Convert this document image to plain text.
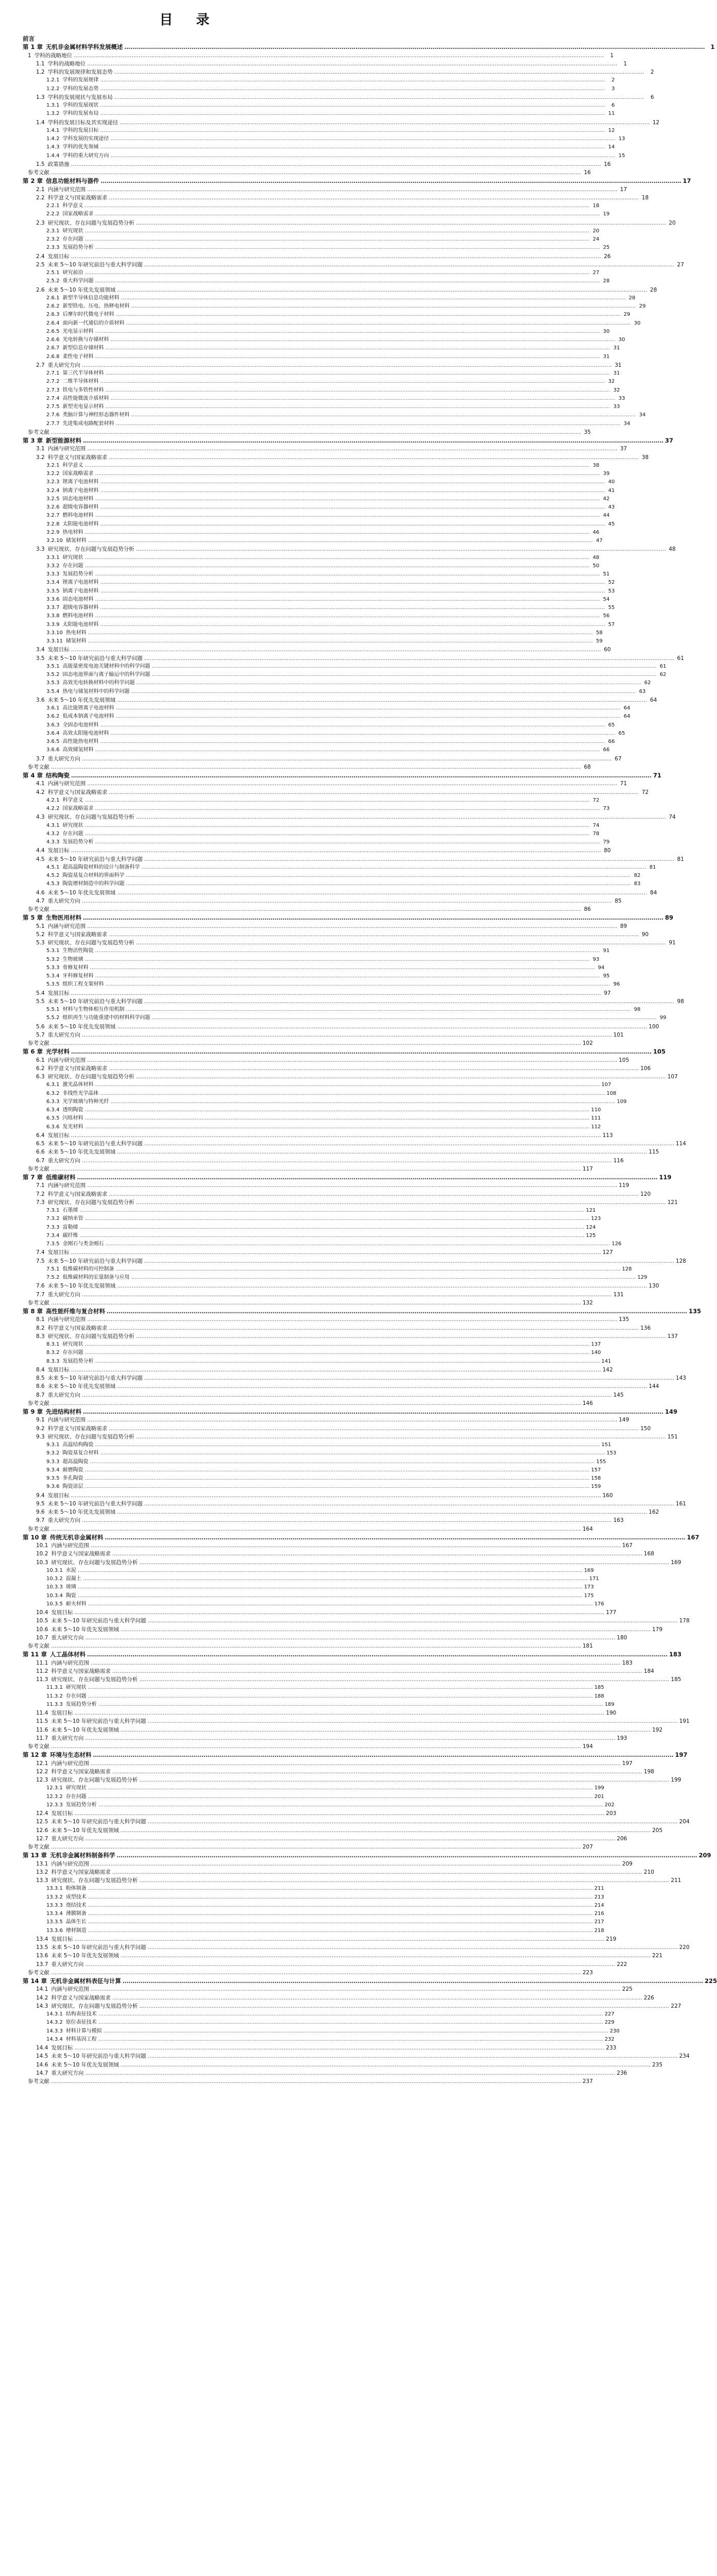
目 录
前言
第 1 章 无机非金属材料学科发展概述 ……………………………………………………………………………………………………………………………………………………………………………………………………………………………………………………………………	1
1 学科的战略地位 ……………………………………………………………………………………………………………………………………………………………………………………………………………………………………………………………………	1
1.1 学科的战略地位 ……………………………………………………………………………………………………………………………………………………………………………………………………………………………………………………………………	1
1.2 学科的发展规律和发展态势 ……………………………………………………………………………………………………………………………………………………………………………………………………………………………………………………………………	2
1.2.1 学科的发展规律 ……………………………………………………………………………………………………………………………………………………………………………………………………………………………………………………………………	2
1.2.2 学科的发展态势 ……………………………………………………………………………………………………………………………………………………………………………………………………………………………………………………………………	3
1.3 学科的发展现状与发展布局 ……………………………………………………………………………………………………………………………………………………………………………………………………………………………………………………………………	6
1.3.1 学科的发展现状 ……………………………………………………………………………………………………………………………………………………………………………………………………………………………………………………………………	6
1.3.2 学科的发展布局 ……………………………………………………………………………………………………………………………………………………………………………………………………………………………………………………………………	11
1.4 学科的发展目标及其实现途径 ……………………………………………………………………………………………………………………………………………………………………………………………………………………………………………………………………	12
1.4.1 学科的发展目标 ……………………………………………………………………………………………………………………………………………………………………………………………………………………………………………………………………	12
1.4.2 学科发展的实现途径 ……………………………………………………………………………………………………………………………………………………………………………………………………………………………………………………………………	13
1.4.3 学科的优先领域 ……………………………………………………………………………………………………………………………………………………………………………………………………………………………………………………………………	14
1.4.4 学科的重大研究方向 ……………………………………………………………………………………………………………………………………………………………………………………………………………………………………………………………………	15
1.5 政策措施 ……………………………………………………………………………………………………………………………………………………………………………………………………………………………………………………………………	16
参考文献 ……………………………………………………………………………………………………………………………………………………………………………………………………………………………………………………………………	16
第 2 章 信息功能材料与器件 ……………………………………………………………………………………………………………………………………………………………………………………………………………………………………………………………………	17
2.1 内涵与研究范围 ……………………………………………………………………………………………………………………………………………………………………………………………………………………………………………………………………	17
2.2 科学意义与国家战略需求 ……………………………………………………………………………………………………………………………………………………………………………………………………………………………………………………………………	18
2.2.1 科学意义 ……………………………………………………………………………………………………………………………………………………………………………………………………………………………………………………………………	18
2.2.2 国家战略需求 ……………………………………………………………………………………………………………………………………………………………………………………………………………………………………………………………………	19
2.3 研究现状、存在问题与发展趋势分析 ……………………………………………………………………………………………………………………………………………………………………………………………………………………………………………………………………	20
2.3.1 研究现状 ……………………………………………………………………………………………………………………………………………………………………………………………………………………………………………………………………	20
2.3.2 存在问题 ……………………………………………………………………………………………………………………………………………………………………………………………………………………………………………………………………	24
2.3.3 发展趋势分析 ……………………………………………………………………………………………………………………………………………………………………………………………………………………………………………………………………	25
2.4 发展目标 ……………………………………………………………………………………………………………………………………………………………………………………………………………………………………………………………………	26
2.5 未来 5～10 年研究前沿与重大科学问题 ……………………………………………………………………………………………………………………………………………………………………………………………………………………………………………………………………	27
2.5.1 研究前沿 ……………………………………………………………………………………………………………………………………………………………………………………………………………………………………………………………………	27
2.5.2 重大科学问题 ……………………………………………………………………………………………………………………………………………………………………………………………………………………………………………………………………	28
2.6 未来 5～10 年优先发展领域 ……………………………………………………………………………………………………………………………………………………………………………………………………………………………………………………………………	28
2.6.1 新型半导体信息功能材料 ……………………………………………………………………………………………………………………………………………………………………………………………………………………………………………………………………	28
2.6.2 新型铁电、压电、热释电材料 ……………………………………………………………………………………………………………………………………………………………………………………………………………………………………………………………………	29
2.6.3 后摩尔时代微电子材料 ……………………………………………………………………………………………………………………………………………………………………………………………………………………………………………………………………	29
2.6.4 面向新一代通信的介质材料 ……………………………………………………………………………………………………………………………………………………………………………………………………………………………………………………………………	30
2.6.5 光电显示材料 ……………………………………………………………………………………………………………………………………………………………………………………………………………………………………………………………………	30
2.6.6 光电转换与存储材料 ……………………………………………………………………………………………………………………………………………………………………………………………………………………………………………………………………	30
2.6.7 新型信息存储材料 ……………………………………………………………………………………………………………………………………………………………………………………………………………………………………………………………………	31
2.6.8 柔性电子材料 ……………………………………………………………………………………………………………………………………………………………………………………………………………………………………………………………………	31
2.7 重大研究方向 ……………………………………………………………………………………………………………………………………………………………………………………………………………………………………………………………………	31
2.7.1 第三代半导体材料 ……………………………………………………………………………………………………………………………………………………………………………………………………………………………………………………………………	31
2.7.2 二维半导体材料 ……………………………………………………………………………………………………………………………………………………………………………………………………………………………………………………………………	32
2.7.3 铁电与多铁性材料 ……………………………………………………………………………………………………………………………………………………………………………………………………………………………………………………………………	32
2.7.4 高性能微波介质材料 ……………………………………………………………………………………………………………………………………………………………………………………………………………………………………………………………………	33
2.7.5 新型光电显示材料 ……………………………………………………………………………………………………………………………………………………………………………………………………………………………………………………………………	33
2.7.6 类脑计算与神经形态器件材料 ……………………………………………………………………………………………………………………………………………………………………………………………………………………………………………………………………	34
2.7.7 先进集成电路配套材料 ……………………………………………………………………………………………………………………………………………………………………………………………………………………………………………………………………	34
参考文献 ……………………………………………………………………………………………………………………………………………………………………………………………………………………………………………………………………	35
第 3 章 新型能源材料 ……………………………………………………………………………………………………………………………………………………………………………………………………………………………………………………………………	37
3.1 内涵与研究范围 ……………………………………………………………………………………………………………………………………………………………………………………………………………………………………………………………………	37
3.2 科学意义与国家战略需求 ……………………………………………………………………………………………………………………………………………………………………………………………………………………………………………………………………	38
3.2.1 科学意义 ……………………………………………………………………………………………………………………………………………………………………………………………………………………………………………………………………	38
3.2.2 国家战略需求 ……………………………………………………………………………………………………………………………………………………………………………………………………………………………………………………………………	39
3.2.3 锂离子电池材料 ……………………………………………………………………………………………………………………………………………………………………………………………………………………………………………………………………	40
3.2.4 钠离子电池材料 ……………………………………………………………………………………………………………………………………………………………………………………………………………………………………………………………………	41
3.2.5 固态电池材料 ……………………………………………………………………………………………………………………………………………………………………………………………………………………………………………………………………	42
3.2.6 超级电容器材料 ……………………………………………………………………………………………………………………………………………………………………………………………………………………………………………………………………	43
3.2.7 燃料电池材料 ……………………………………………………………………………………………………………………………………………………………………………………………………………………………………………………………………	44
3.2.8 太阳能电池材料 ……………………………………………………………………………………………………………………………………………………………………………………………………………………………………………………………………	45
3.2.9 热电材料 ……………………………………………………………………………………………………………………………………………………………………………………………………………………………………………………………………	46
3.2.10 储氢材料 ……………………………………………………………………………………………………………………………………………………………………………………………………………………………………………………………………	47
3.3 研究现状、存在问题与发展趋势分析 ……………………………………………………………………………………………………………………………………………………………………………………………………………………………………………………………………	48
3.3.1 研究现状 ……………………………………………………………………………………………………………………………………………………………………………………………………………………………………………………………………	48
3.3.2 存在问题 ……………………………………………………………………………………………………………………………………………………………………………………………………………………………………………………………………	50
3.3.3 发展趋势分析 ……………………………………………………………………………………………………………………………………………………………………………………………………………………………………………………………………	51
3.3.4 锂离子电池材料 ……………………………………………………………………………………………………………………………………………………………………………………………………………………………………………………………………	52
3.3.5 钠离子电池材料 ……………………………………………………………………………………………………………………………………………………………………………………………………………………………………………………………………	53
3.3.6 固态电池材料 ……………………………………………………………………………………………………………………………………………………………………………………………………………………………………………………………………	54
3.3.7 超级电容器材料 ……………………………………………………………………………………………………………………………………………………………………………………………………………………………………………………………………	55
3.3.8 燃料电池材料 ……………………………………………………………………………………………………………………………………………………………………………………………………………………………………………………………………	56
3.3.9 太阳能电池材料 ……………………………………………………………………………………………………………………………………………………………………………………………………………………………………………………………………	57
3.3.10 热电材料 ……………………………………………………………………………………………………………………………………………………………………………………………………………………………………………………………………	58
3.3.11 储氢材料 ……………………………………………………………………………………………………………………………………………………………………………………………………………………………………………………………………	59
3.4 发展目标 ……………………………………………………………………………………………………………………………………………………………………………………………………………………………………………………………………	60
3.5 未来 5～10 年研究前沿与重大科学问题 ……………………………………………………………………………………………………………………………………………………………………………………………………………………………………………………………………	61
3.5.1 高能量密度电池关键材料中的科学问题 ……………………………………………………………………………………………………………………………………………………………………………………………………………………………………………………………………	61
3.5.2 固态电池界面与离子输运中的科学问题 ……………………………………………………………………………………………………………………………………………………………………………………………………………………………………………………………………	62
3.5.3 高效光电转换材料中的科学问题 ……………………………………………………………………………………………………………………………………………………………………………………………………………………………………………………………………	62
3.5.4 热电与储氢材料中的科学问题 ……………………………………………………………………………………………………………………………………………………………………………………………………………………………………………………………………	63
3.6 未来 5～10 年优先发展领域 ……………………………………………………………………………………………………………………………………………………………………………………………………………………………………………………………………	64
3.6.1 高比能锂离子电池材料 ……………………………………………………………………………………………………………………………………………………………………………………………………………………………………………………………………	64
3.6.2 低成本钠离子电池材料 ……………………………………………………………………………………………………………………………………………………………………………………………………………………………………………………………………	64
3.6.3 全固态电池材料 ……………………………………………………………………………………………………………………………………………………………………………………………………………………………………………………………………	65
3.6.4 高效太阳能电池材料 ……………………………………………………………………………………………………………………………………………………………………………………………………………………………………………………………………	65
3.6.5 高性能热电材料 ……………………………………………………………………………………………………………………………………………………………………………………………………………………………………………………………………	66
3.6.6 高效储氢材料 ……………………………………………………………………………………………………………………………………………………………………………………………………………………………………………………………………	66
3.7 重大研究方向 ……………………………………………………………………………………………………………………………………………………………………………………………………………………………………………………………………	67
参考文献 ……………………………………………………………………………………………………………………………………………………………………………………………………………………………………………………………………	68
第 4 章 结构陶瓷 ……………………………………………………………………………………………………………………………………………………………………………………………………………………………………………………………………	71
4.1 内涵与研究范围 ……………………………………………………………………………………………………………………………………………………………………………………………………………………………………………………………………	71
4.2 科学意义与国家战略需求 ……………………………………………………………………………………………………………………………………………………………………………………………………………………………………………………………………	72
4.2.1 科学意义 ……………………………………………………………………………………………………………………………………………………………………………………………………………………………………………………………………	72
4.2.2 国家战略需求 ……………………………………………………………………………………………………………………………………………………………………………………………………………………………………………………………………	73
4.3 研究现状、存在问题与发展趋势分析 ……………………………………………………………………………………………………………………………………………………………………………………………………………………………………………………………………	74
4.3.1 研究现状 ……………………………………………………………………………………………………………………………………………………………………………………………………………………………………………………………………	74
4.3.2 存在问题 ……………………………………………………………………………………………………………………………………………………………………………………………………………………………………………………………………	78
4.3.3 发展趋势分析 ……………………………………………………………………………………………………………………………………………………………………………………………………………………………………………………………………	79
4.4 发展目标 ……………………………………………………………………………………………………………………………………………………………………………………………………………………………………………………………………	80
4.5 未来 5～10 年研究前沿与重大科学问题 ……………………………………………………………………………………………………………………………………………………………………………………………………………………………………………………………………	81
4.5.1 超高温陶瓷材料的设计与制备科学 ……………………………………………………………………………………………………………………………………………………………………………………………………………………………………………………………………	81
4.5.2 陶瓷基复合材料的界面科学 ……………………………………………………………………………………………………………………………………………………………………………………………………………………………………………………………………	82
4.5.3 陶瓷增材制造中的科学问题 ……………………………………………………………………………………………………………………………………………………………………………………………………………………………………………………………………	83
4.6 未来 5～10 年优先发展领域 ……………………………………………………………………………………………………………………………………………………………………………………………………………………………………………………………………	84
4.7 重大研究方向 ……………………………………………………………………………………………………………………………………………………………………………………………………………………………………………………………………	85
参考文献 ……………………………………………………………………………………………………………………………………………………………………………………………………………………………………………………………………	86
第 5 章 生物医用材料 ……………………………………………………………………………………………………………………………………………………………………………………………………………………………………………………………………	89
5.1 内涵与研究范围 ……………………………………………………………………………………………………………………………………………………………………………………………………………………………………………………………………	89
5.2 科学意义与国家战略需求 ……………………………………………………………………………………………………………………………………………………………………………………………………………………………………………………………………	90
5.3 研究现状、存在问题与发展趋势分析 ……………………………………………………………………………………………………………………………………………………………………………………………………………………………………………………………………	91
5.3.1 生物活性陶瓷 ……………………………………………………………………………………………………………………………………………………………………………………………………………………………………………………………………	91
5.3.2 生物玻璃 ……………………………………………………………………………………………………………………………………………………………………………………………………………………………………………………………………	93
5.3.3 骨修复材料 ……………………………………………………………………………………………………………………………………………………………………………………………………………………………………………………………………	94
5.3.4 牙科修复材料 ……………………………………………………………………………………………………………………………………………………………………………………………………………………………………………………………………	95
5.3.5 组织工程支架材料 ……………………………………………………………………………………………………………………………………………………………………………………………………………………………………………………………………	96
5.4 发展目标 ……………………………………………………………………………………………………………………………………………………………………………………………………………………………………………………………………	97
5.5 未来 5～10 年研究前沿与重大科学问题 ……………………………………………………………………………………………………………………………………………………………………………………………………………………………………………………………………	98
5.5.1 材料与生物体相互作用机制 ……………………………………………………………………………………………………………………………………………………………………………………………………………………………………………………………………	98
5.5.2 组织再生与功能重建中的材料科学问题 ……………………………………………………………………………………………………………………………………………………………………………………………………………………………………………………………………	99
5.6 未来 5～10 年优先发展领域 ……………………………………………………………………………………………………………………………………………………………………………………………………………………………………………………………………	100
5.7 重大研究方向 ……………………………………………………………………………………………………………………………………………………………………………………………………………………………………………………………………	101
参考文献 ……………………………………………………………………………………………………………………………………………………………………………………………………………………………………………………………………	102
第 6 章 光学材料 ……………………………………………………………………………………………………………………………………………………………………………………………………………………………………………………………………	105
6.1 内涵与研究范围 ……………………………………………………………………………………………………………………………………………………………………………………………………………………………………………………………………	105
6.2 科学意义与国家战略需求 ……………………………………………………………………………………………………………………………………………………………………………………………………………………………………………………………………	106
6.3 研究现状、存在问题与发展趋势分析 ……………………………………………………………………………………………………………………………………………………………………………………………………………………………………………………………………	107
6.3.1 激光晶体材料 ……………………………………………………………………………………………………………………………………………………………………………………………………………………………………………………………………	107
6.3.2 非线性光学晶体 ……………………………………………………………………………………………………………………………………………………………………………………………………………………………………………………………………	108
6.3.3 光学玻璃与特种光纤 ……………………………………………………………………………………………………………………………………………………………………………………………………………………………………………………………………	109
6.3.4 透明陶瓷 ……………………………………………………………………………………………………………………………………………………………………………………………………………………………………………………………………	110
6.3.5 闪烁材料 ……………………………………………………………………………………………………………………………………………………………………………………………………………………………………………………………………	111
6.3.6 发光材料 ……………………………………………………………………………………………………………………………………………………………………………………………………………………………………………………………………	112
6.4 发展目标 ……………………………………………………………………………………………………………………………………………………………………………………………………………………………………………………………………	113
6.5 未来 5～10 年研究前沿与重大科学问题 ……………………………………………………………………………………………………………………………………………………………………………………………………………………………………………………………………	114
6.6 未来 5～10 年优先发展领域 ……………………………………………………………………………………………………………………………………………………………………………………………………………………………………………………………………	115
6.7 重大研究方向 ……………………………………………………………………………………………………………………………………………………………………………………………………………………………………………………………………	116
参考文献 ……………………………………………………………………………………………………………………………………………………………………………………………………………………………………………………………………	117
第 7 章 低维碳材料 ……………………………………………………………………………………………………………………………………………………………………………………………………………………………………………………………………	119
7.1 内涵与研究范围 ……………………………………………………………………………………………………………………………………………………………………………………………………………………………………………………………………	119
7.2 科学意义与国家战略需求 ……………………………………………………………………………………………………………………………………………………………………………………………………………………………………………………………………	120
7.3 研究现状、存在问题与发展趋势分析 ……………………………………………………………………………………………………………………………………………………………………………………………………………………………………………………………………	121
7.3.1 石墨烯 ……………………………………………………………………………………………………………………………………………………………………………………………………………………………………………………………………	121
7.3.2 碳纳米管 ……………………………………………………………………………………………………………………………………………………………………………………………………………………………………………………………………	123
7.3.3 富勒烯 ……………………………………………………………………………………………………………………………………………………………………………………………………………………………………………………………………	124
7.3.4 碳纤维 ……………………………………………………………………………………………………………………………………………………………………………………………………………………………………………………………………	125
7.3.5 金刚石与类金刚石 ……………………………………………………………………………………………………………………………………………………………………………………………………………………………………………………………………	126
7.4 发展目标 ……………………………………………………………………………………………………………………………………………………………………………………………………………………………………………………………………	127
7.5 未来 5～10 年研究前沿与重大科学问题 ……………………………………………………………………………………………………………………………………………………………………………………………………………………………………………………………………	128
7.5.1 低维碳材料的可控制备 ……………………………………………………………………………………………………………………………………………………………………………………………………………………………………………………………………	128
7.5.2 低维碳材料的宏量制备与应用 ……………………………………………………………………………………………………………………………………………………………………………………………………………………………………………………………………	129
7.6 未来 5～10 年优先发展领域 ……………………………………………………………………………………………………………………………………………………………………………………………………………………………………………………………………	130
7.7 重大研究方向 ……………………………………………………………………………………………………………………………………………………………………………………………………………………………………………………………………	131
参考文献 ……………………………………………………………………………………………………………………………………………………………………………………………………………………………………………………………………	132
第 8 章 高性能纤维与复合材料 ……………………………………………………………………………………………………………………………………………………………………………………………………………………………………………………………………	135
8.1 内涵与研究范围 ……………………………………………………………………………………………………………………………………………………………………………………………………………………………………………………………………	135
8.2 科学意义与国家战略需求 ……………………………………………………………………………………………………………………………………………………………………………………………………………………………………………………………………	136
8.3 研究现状、存在问题与发展趋势分析 ……………………………………………………………………………………………………………………………………………………………………………………………………………………………………………………………………	137
8.3.1 研究现状 ……………………………………………………………………………………………………………………………………………………………………………………………………………………………………………………………………	137
8.3.2 存在问题 ……………………………………………………………………………………………………………………………………………………………………………………………………………………………………………………………………	140
8.3.3 发展趋势分析 ……………………………………………………………………………………………………………………………………………………………………………………………………………………………………………………………………	141
8.4 发展目标 ……………………………………………………………………………………………………………………………………………………………………………………………………………………………………………………………………	142
8.5 未来 5～10 年研究前沿与重大科学问题 ……………………………………………………………………………………………………………………………………………………………………………………………………………………………………………………………………	143
8.6 未来 5～10 年优先发展领域 ……………………………………………………………………………………………………………………………………………………………………………………………………………………………………………………………………	144
8.7 重大研究方向 ……………………………………………………………………………………………………………………………………………………………………………………………………………………………………………………………………	145
参考文献 ……………………………………………………………………………………………………………………………………………………………………………………………………………………………………………………………………	146
第 9 章 先进结构材料 ……………………………………………………………………………………………………………………………………………………………………………………………………………………………………………………………………	149
9.1 内涵与研究范围 ……………………………………………………………………………………………………………………………………………………………………………………………………………………………………………………………………	149
9.2 科学意义与国家战略需求 ……………………………………………………………………………………………………………………………………………………………………………………………………………………………………………………………………	150
9.3 研究现状、存在问题与发展趋势分析 ……………………………………………………………………………………………………………………………………………………………………………………………………………………………………………………………………	151
9.3.1 高温结构陶瓷 ……………………………………………………………………………………………………………………………………………………………………………………………………………………………………………………………………	151
9.3.2 陶瓷基复合材料 ……………………………………………………………………………………………………………………………………………………………………………………………………………………………………………………………………	153
9.3.3 超高温陶瓷 ……………………………………………………………………………………………………………………………………………………………………………………………………………………………………………………………………	155
9.3.4 耐磨陶瓷 ……………………………………………………………………………………………………………………………………………………………………………………………………………………………………………………………………	157
9.3.5 多孔陶瓷 ……………………………………………………………………………………………………………………………………………………………………………………………………………………………………………………………………	158
9.3.6 陶瓷涂层 ……………………………………………………………………………………………………………………………………………………………………………………………………………………………………………………………………	159
9.4 发展目标 ……………………………………………………………………………………………………………………………………………………………………………………………………………………………………………………………………	160
9.5 未来 5～10 年研究前沿与重大科学问题 ……………………………………………………………………………………………………………………………………………………………………………………………………………………………………………………………………	161
9.6 未来 5～10 年优先发展领域 ……………………………………………………………………………………………………………………………………………………………………………………………………………………………………………………………………	162
9.7 重大研究方向 ……………………………………………………………………………………………………………………………………………………………………………………………………………………………………………………………………	163
参考文献 ……………………………………………………………………………………………………………………………………………………………………………………………………………………………………………………………………	164
第 10 章 传统无机非金属材料 ……………………………………………………………………………………………………………………………………………………………………………………………………………………………………………………………………	167
10.1 内涵与研究范围 ……………………………………………………………………………………………………………………………………………………………………………………………………………………………………………………………………	167
10.2 科学意义与国家战略需求 ……………………………………………………………………………………………………………………………………………………………………………………………………………………………………………………………………	168
10.3 研究现状、存在问题与发展趋势分析 ……………………………………………………………………………………………………………………………………………………………………………………………………………………………………………………………………	169
10.3.1 水泥 ……………………………………………………………………………………………………………………………………………………………………………………………………………………………………………………………………	169
10.3.2 混凝土 ……………………………………………………………………………………………………………………………………………………………………………………………………………………………………………………………………	171
10.3.3 玻璃 ……………………………………………………………………………………………………………………………………………………………………………………………………………………………………………………………………	173
10.3.4 陶瓷 ……………………………………………………………………………………………………………………………………………………………………………………………………………………………………………………………………	175
10.3.5 耐火材料 ……………………………………………………………………………………………………………………………………………………………………………………………………………………………………………………………………	176
10.4 发展目标 ……………………………………………………………………………………………………………………………………………………………………………………………………………………………………………………………………	177
10.5 未来 5～10 年研究前沿与重大科学问题 ……………………………………………………………………………………………………………………………………………………………………………………………………………………………………………………………………	178
10.6 未来 5～10 年优先发展领域 ……………………………………………………………………………………………………………………………………………………………………………………………………………………………………………………………………	179
10.7 重大研究方向 ……………………………………………………………………………………………………………………………………………………………………………………………………………………………………………………………………	180
参考文献 ……………………………………………………………………………………………………………………………………………………………………………………………………………………………………………………………………	181
第 11 章 人工晶体材料 ……………………………………………………………………………………………………………………………………………………………………………………………………………………………………………………………………	183
11.1 内涵与研究范围 ……………………………………………………………………………………………………………………………………………………………………………………………………………………………………………………………………	183
11.2 科学意义与国家战略需求 ……………………………………………………………………………………………………………………………………………………………………………………………………………………………………………………………………	184
11.3 研究现状、存在问题与发展趋势分析 ……………………………………………………………………………………………………………………………………………………………………………………………………………………………………………………………………	185
11.3.1 研究现状 ……………………………………………………………………………………………………………………………………………………………………………………………………………………………………………………………………	185
11.3.2 存在问题 ……………………………………………………………………………………………………………………………………………………………………………………………………………………………………………………………………	188
11.3.3 发展趋势分析 ……………………………………………………………………………………………………………………………………………………………………………………………………………………………………………………………………	189
11.4 发展目标 ……………………………………………………………………………………………………………………………………………………………………………………………………………………………………………………………………	190
11.5 未来 5～10 年研究前沿与重大科学问题 ……………………………………………………………………………………………………………………………………………………………………………………………………………………………………………………………………	191
11.6 未来 5～10 年优先发展领域 ……………………………………………………………………………………………………………………………………………………………………………………………………………………………………………………………………	192
11.7 重大研究方向 ……………………………………………………………………………………………………………………………………………………………………………………………………………………………………………………………………	193
参考文献 ……………………………………………………………………………………………………………………………………………………………………………………………………………………………………………………………………	194
第 12 章 环境与生态材料 ……………………………………………………………………………………………………………………………………………………………………………………………………………………………………………………………………	197
12.1 内涵与研究范围 ……………………………………………………………………………………………………………………………………………………………………………………………………………………………………………………………………	197
12.2 科学意义与国家战略需求 ……………………………………………………………………………………………………………………………………………………………………………………………………………………………………………………………………	198
12.3 研究现状、存在问题与发展趋势分析 ……………………………………………………………………………………………………………………………………………………………………………………………………………………………………………………………………	199
12.3.1 研究现状 ……………………………………………………………………………………………………………………………………………………………………………………………………………………………………………………………………	199
12.3.2 存在问题 ……………………………………………………………………………………………………………………………………………………………………………………………………………………………………………………………………	201
12.3.3 发展趋势分析 ……………………………………………………………………………………………………………………………………………………………………………………………………………………………………………………………………	202
12.4 发展目标 ……………………………………………………………………………………………………………………………………………………………………………………………………………………………………………………………………	203
12.5 未来 5～10 年研究前沿与重大科学问题 ……………………………………………………………………………………………………………………………………………………………………………………………………………………………………………………………………	204
12.6 未来 5～10 年优先发展领域 ……………………………………………………………………………………………………………………………………………………………………………………………………………………………………………………………………	205
12.7 重大研究方向 ……………………………………………………………………………………………………………………………………………………………………………………………………………………………………………………………………	206
参考文献 ……………………………………………………………………………………………………………………………………………………………………………………………………………………………………………………………………	207
第 13 章 无机非金属材料制备科学 ……………………………………………………………………………………………………………………………………………………………………………………………………………………………………………………………………	209
13.1 内涵与研究范围 ……………………………………………………………………………………………………………………………………………………………………………………………………………………………………………………………………	209
13.2 科学意义与国家战略需求 ……………………………………………………………………………………………………………………………………………………………………………………………………………………………………………………………………	210
13.3 研究现状、存在问题与发展趋势分析 ……………………………………………………………………………………………………………………………………………………………………………………………………………………………………………………………………	211
13.3.1 粉体制备 ……………………………………………………………………………………………………………………………………………………………………………………………………………………………………………………………………	211
13.3.2 成型技术 ……………………………………………………………………………………………………………………………………………………………………………………………………………………………………………………………………	213
13.3.3 烧结技术 ……………………………………………………………………………………………………………………………………………………………………………………………………………………………………………………………………	214
13.3.4 薄膜制备 ……………………………………………………………………………………………………………………………………………………………………………………………………………………………………………………………………	216
13.3.5 晶体生长 ……………………………………………………………………………………………………………………………………………………………………………………………………………………………………………………………………	217
13.3.6 增材制造 ……………………………………………………………………………………………………………………………………………………………………………………………………………………………………………………………………	218
13.4 发展目标 ……………………………………………………………………………………………………………………………………………………………………………………………………………………………………………………………………	219
13.5 未来 5～10 年研究前沿与重大科学问题 ……………………………………………………………………………………………………………………………………………………………………………………………………………………………………………………………………	220
13.6 未来 5～10 年优先发展领域 ……………………………………………………………………………………………………………………………………………………………………………………………………………………………………………………………………	221
13.7 重大研究方向 ……………………………………………………………………………………………………………………………………………………………………………………………………………………………………………………………………	222
参考文献 ……………………………………………………………………………………………………………………………………………………………………………………………………………………………………………………………………	223
第 14 章 无机非金属材料表征与计算 ……………………………………………………………………………………………………………………………………………………………………………………………………………………………………………………………………	225
14.1 内涵与研究范围 ……………………………………………………………………………………………………………………………………………………………………………………………………………………………………………………………………	225
14.2 科学意义与国家战略需求 ……………………………………………………………………………………………………………………………………………………………………………………………………………………………………………………………………	226
14.3 研究现状、存在问题与发展趋势分析 ……………………………………………………………………………………………………………………………………………………………………………………………………………………………………………………………………	227
14.3.1 结构表征技术 ……………………………………………………………………………………………………………………………………………………………………………………………………………………………………………………………………	227
14.3.2 原位表征技术 ……………………………………………………………………………………………………………………………………………………………………………………………………………………………………………………………………	229
14.3.3 材料计算与模拟 ……………………………………………………………………………………………………………………………………………………………………………………………………………………………………………………………………	230
14.3.4 材料基因工程 ……………………………………………………………………………………………………………………………………………………………………………………………………………………………………………………………………	232
14.4 发展目标 ……………………………………………………………………………………………………………………………………………………………………………………………………………………………………………………………………	233
14.5 未来 5～10 年研究前沿与重大科学问题 ……………………………………………………………………………………………………………………………………………………………………………………………………………………………………………………………………	234
14.6 未来 5～10 年优先发展领域 ……………………………………………………………………………………………………………………………………………………………………………………………………………………………………………………………………	235
14.7 重大研究方向 ……………………………………………………………………………………………………………………………………………………………………………………………………………………………………………………………………	236
参考文献 ……………………………………………………………………………………………………………………………………………………………………………………………………………………………………………………………………	237
